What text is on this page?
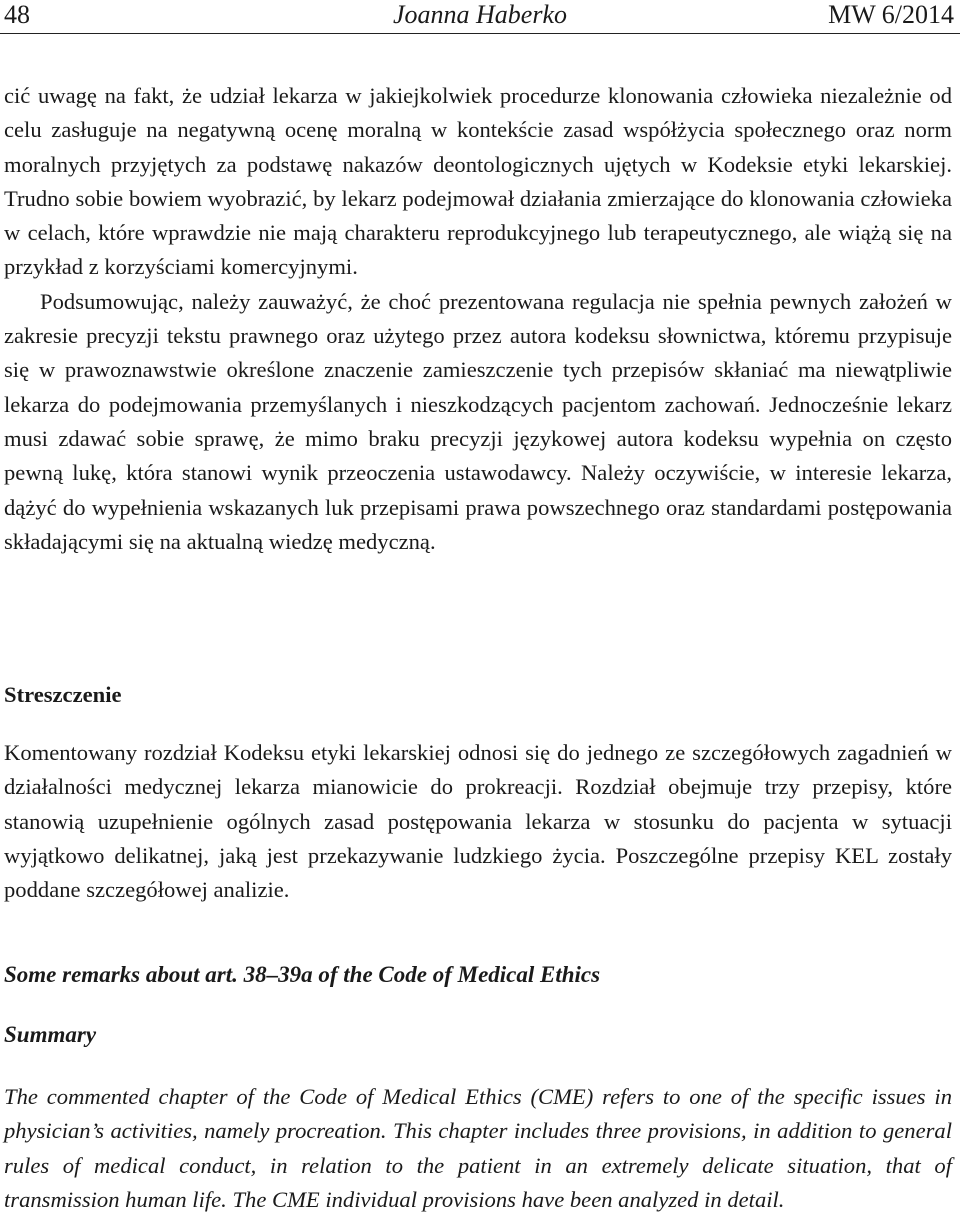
48	Joanna Haberko	MW 6/2014

cić uwagę na fakt, że udział lekarza w jakiejkolwiek procedurze klonowania człowieka niezależnie od celu zasługuje na negatywną ocenę moralną w kontekście zasad współżycia społecznego oraz norm moralnych przyjętych za podstawę nakazów deontologicznych ujętych w Kodeksie etyki lekarskiej. Trudno sobie bowiem wyobrazić, by lekarz podejmował działania zmierzające do klonowania człowieka w celach, które wprawdzie nie mają charakteru reprodukcyjnego lub terapeutycznego, ale wiążą się na przykład z korzyściami komercyjnymi.

Podsumowując, należy zauważyć, że choć prezentowana regulacja nie spełnia pewnych założeń w zakresie precyzji tekstu prawnego oraz użytego przez autora kodeksu słownictwa, któremu przypisuje się w prawoznawstwie określone znaczenie zamieszczenie tych przepisów skłaniać ma niewątpliwie lekarza do podejmowania przemyślanych i nieszkodzących pacjentom zachowań. Jednocześnie lekarz musi zdawać sobie sprawę, że mimo braku precyzji językowej autora kodeksu wypełnia on często pewną lukę, która stanowi wynik przeoczenia ustawodawcy. Należy oczywiście, w interesie lekarza, dążyć do wypełnienia wskazanych luk przepisami prawa powszechnego oraz standardami postępowania składającymi się na aktualną wiedzę medyczną.

Streszczenie

Komentowany rozdział Kodeksu etyki lekarskiej odnosi się do jednego ze szczegółowych zagadnień w działalności medycznej lekarza mianowicie do prokreacji. Rozdział obejmuje trzy przepisy, które stanowią uzupełnienie ogólnych zasad postępowania lekarza w stosunku do pacjenta w sytuacji wyjątkowo delikatnej, jaką jest przekazywanie ludzkiego życia. Poszczególne przepisy KEL zostały poddane szczegółowej analizie.

Some remarks about art. 38–39a of the Code of Medical Ethics
Summary

The commented chapter of the Code of Medical Ethics (CME) refers to one of the specific issues in physician’s activities, namely procreation. This chapter includes three provisions, in addition to general rules of medical conduct, in relation to the patient in an extremely delicate situation, that of transmission human life. The CME individual provisions have been analyzed in detail.
